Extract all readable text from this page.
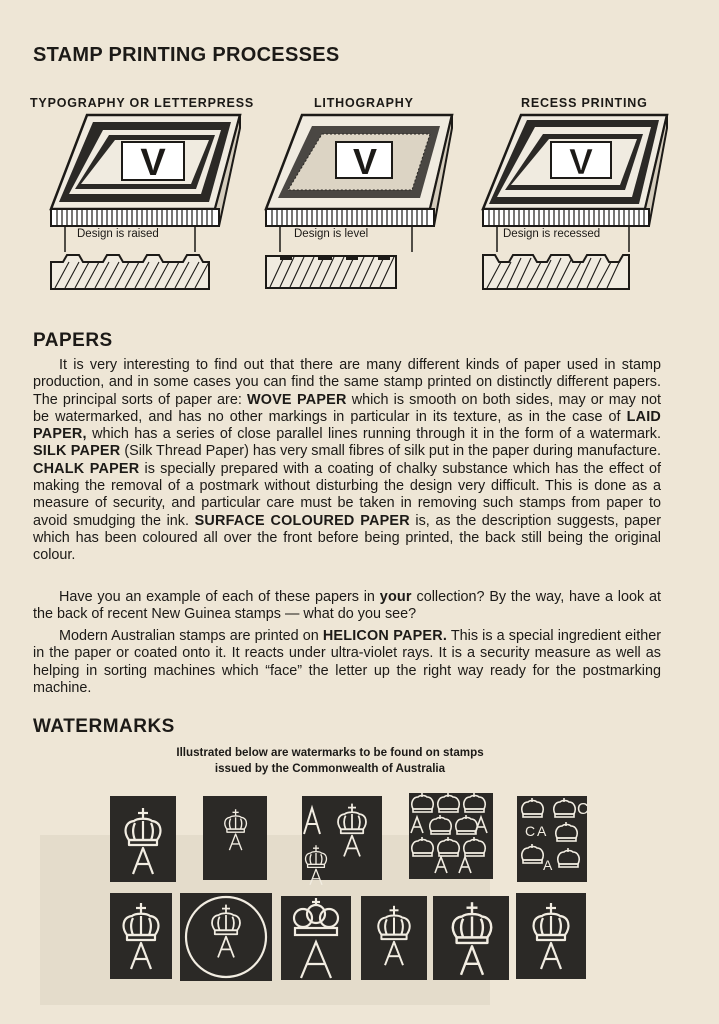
STAMP PRINTING PROCESSES
TYPOGRAPHY OR LETTERPRESS	LITHOGRAPHY	RECESS PRINTING
V	V	V
Design is raised	Design is level	Design is recessed
PAPERS

It is very interesting to find out that there are many different kinds of paper used in stamp production, and in some cases you can find the same stamp printed on distinctly different papers. The principal sorts of paper are: WOVE PAPER which is smooth on both sides, may or may not be watermarked, and has no other markings in particular in its texture, as in the case of LAID PAPER, which has a series of close parallel lines running through it in the form of a watermark. SILK PAPER (Silk Thread Paper) has very small fibres of silk put in the paper during manufacture. CHALK PAPER is specially prepared with a coating of chalky substance which has the effect of making the removal of a postmark without disturbing the design very difficult. This is done as a measure of security, and particular care must be taken in removing such stamps from paper to avoid smudging the ink. SURFACE COLOURED PAPER is, as the description suggests, paper which has been coloured all over the front before being printed, the back still being the original colour.

Have you an example of each of these papers in your collection? By the way, have a look at the back of recent New Guinea stamps — what do you see?

Modern Australian stamps are printed on HELICON PAPER. This is a special ingredient either in the paper or coated onto it. It reacts under ultra-violet rays. It is a security measure as well as helping in sorting machines which “face” the letter up the right way ready for the postmarking machine.

WATERMARKS
Illustrated below are watermarks to be found on stamps
issued by the Commonwealth of Australia
C
C A
A
